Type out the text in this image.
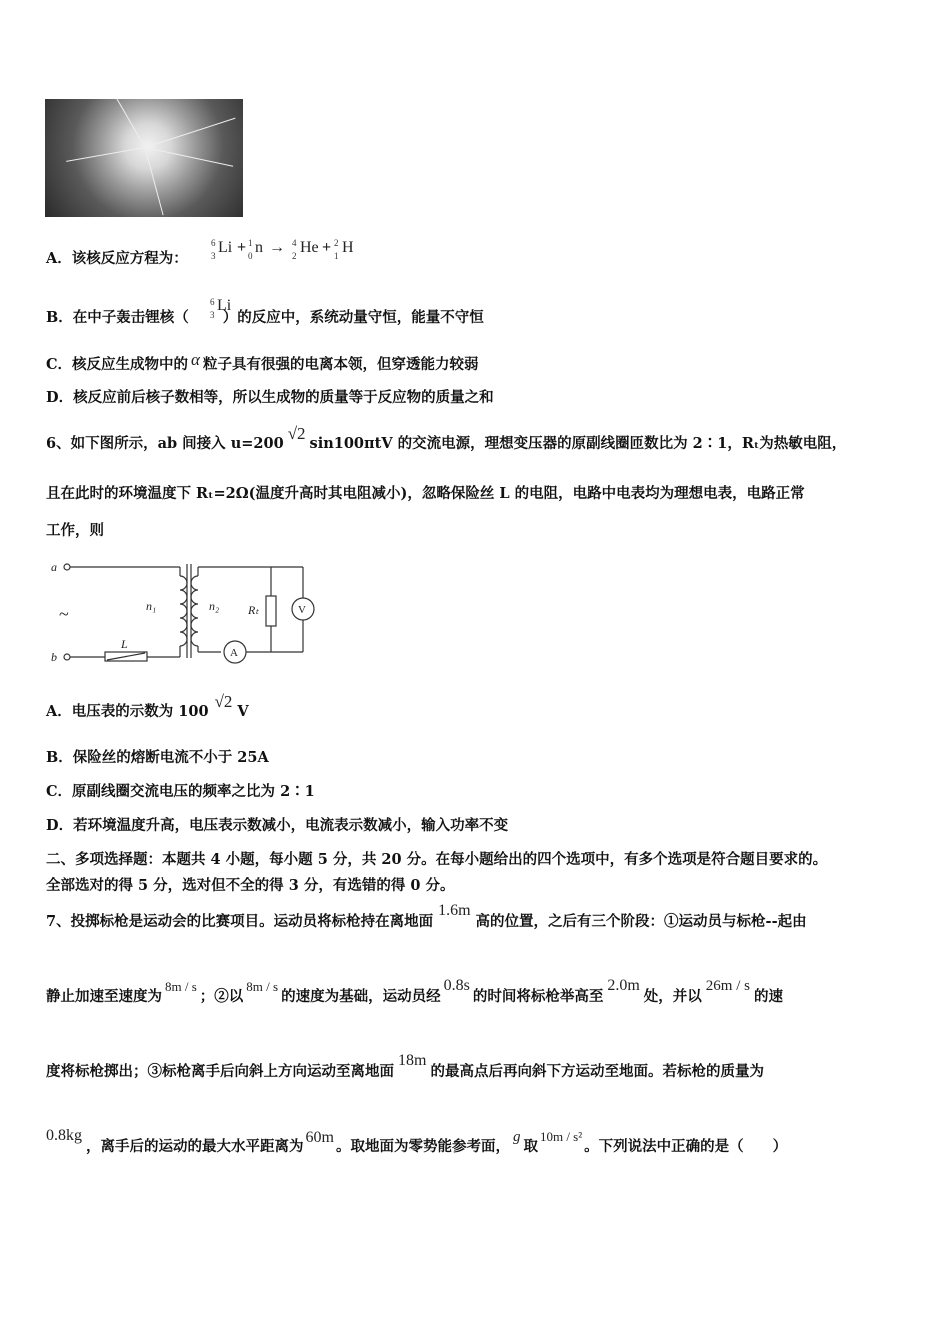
A．该核反应方程为：
6
3 Li + 1
0 n → 4
2 He + 2
1 H
B．在中子轰击锂核（ ）的反应中，系统动量守恒，能量不守恒
6
3
Li
C．核反应生成物中的 α 粒子具有很强的电离本领，但穿透能力较弱
D．核反应前后核子数相等，所以生成物的质量等于反应物的质量之和
6、如下图所示，ab 间接入 u=200√2sin100πtV 的交流电源，理想变压器的原副线圈匝数比为 2∶1，Rₜ为热敏电阻，
且在此时的环境温度下 Rₜ=2Ω(温度升高时其电阻减小)，忽略保险丝 L 的电阻，电路中电表均为理想电表，电路正常
工作，则
a
b
n₁	n₂
L
Rₜ
~
A
V
A．电压表的示数为 100√2V
B．保险丝的熔断电流不小于 25A
C．原副线圈交流电压的频率之比为 2∶1
D．若环境温度升高，电压表示数减小，电流表示数减小，输入功率不变
二、多项选择题：本题共 4 小题，每小题 5 分，共 20 分。在每小题给出的四个选项中，有多个选项是符合题目要求的。
全部选对的得 5 分，选对但不全的得 3 分，有选错的得 0 分。
7、投掷标枪是运动会的比赛项目。运动员将标枪持在离地面1.6m高的位置，之后有三个阶段：①运动员与标枪--起由
静止加速至速度为8m / s；②以8m / s的速度为基础，运动员经0.8s的时间将标枪举高至2.0m处，并以26m / s的速
度将标枪掷出；③标枪离手后向斜上方向运动至离地面18m的最高点后再向斜下方运动至地面。若标枪的质量为
0.8kg，离手后的运动的最大水平距离为60m。取地面为零势能参考面，g取10m / s²。下列说法中正确的是（　　）
